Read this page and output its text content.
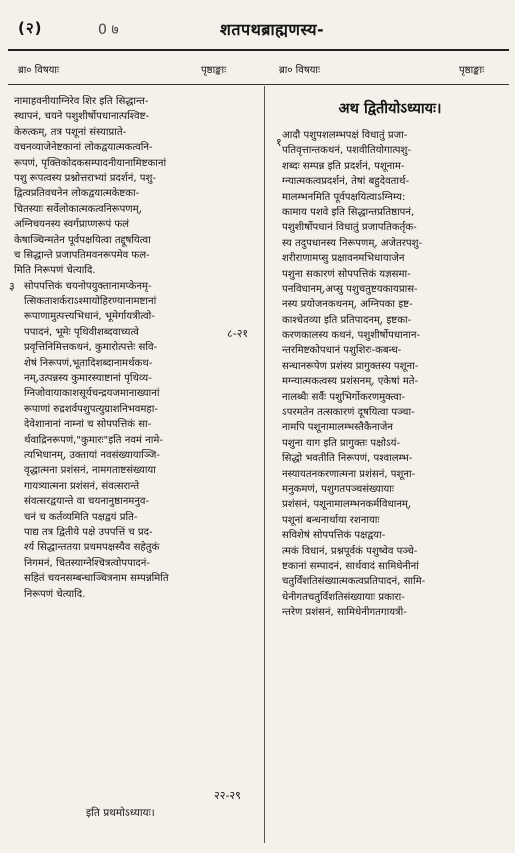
(२)	0 ७	शतपथब्राह्मणस्य-
ब्रा० विषयाः	पृष्ठाङ्काः	ब्रा० विषयाः	पृष्ठाङ्काः
नामाहवनीयाग्निरेव शिर इति सिद्धान्त-
स्थापनं, चयने पशुशीर्षोपधानात्पश्विष्ट-
केरुत्कम्, तत्र पशूनां संस्याप्राते-
वचनव्याजेनेष्टकानां लोकद्वयात्मकत्वनि-
रूपणं, पृक्तिकोदकसम्पादनीयानामिष्टकानां
पशु रूपत्वस्य प्रश्नोत्तराभ्यां प्रदर्शनं, पशु-
द्वित्वप्रतिवचनेन लोकद्वयात्मकेष्टका-
चितस्याः सर्वेलोकात्मकत्वनिरूपणम्,
अग्निचयनस्य स्वर्गप्राप्णरूपं फलं
केषाञ्चिन्मतेन पूर्वपक्षयित्वा तद्दूषयित्वा
च सिद्धान्ते प्रजापतिमवनरूपमेव फल-
मिति निरूपणं चेत्यादि.
८-२१
३ सोपपत्तिकं चयनोपयुक्तानामप्केनमृ-
त्सिकताशर्कराऽश्मायोहिरण्यानामष्टानां
रूपाणामुत्पत्त्यभिधानं, भूमेर्गायत्रीत्वो-
पपादनं, भूमेः पृथिवीशब्दवाच्यत्वे
प्रवृत्तिनिमित्तकथनं, कुमारोत्पत्तेः सवि-
शेषं निरूपणं,भूतादिशब्दानामर्थकथ-
नम्,उत्पन्नस्य कुमारस्याष्टानां पृथिव्य-
ग्निजोवायाकाशसूर्यचन्द्रयजमानाख्यानां
रूपाणां रुद्रशर्वपशुपत्युग्राशनिभवमहा-
देवेशानानां नाम्नां च सोपपत्तिकं सा-
र्थवाद्रिनरूपणं,"कुमारः"इति नवमं नामे-
त्यभिधानम्, उक्तायां नवसंख्यायाञ्जि-
वृद्धात्मना प्रशंसनं, नामगताष्टसंख्याया
गायत्र्यात्मना प्रशंसनं, संवत्सरान्ते
संवत्सरद्वयान्ते वा चयनानुष्ठानमनुव-
चनं च कर्तव्यमिति पक्षद्वयं प्रति-
पाद्य तत्र द्वितीये पक्षे उपपत्तिं च प्रद-
र्श्य सिद्धान्ततया प्रथमपक्षस्यैव सहेतुकं
निगमनं, चितस्याग्नेश्चित्रत्वोपपादनं-
सहितं चयनसम्बन्धाञ्चित्रनाम सम्पन्नमिति
निरूपणं चेत्यादि.
२२-२९
इति प्रथमोऽध्यायः।
अथ द्वितीयोऽध्यायः।
१
आदौ पशुपशलम्भपक्षं विधातुं प्रजा-
पतिवृत्तान्तकथनं, पशवीतियोगात्पशु-
शब्दः सम्पन्न इति प्रदर्शनं, पशूनाम-
ग्न्यात्मकत्वप्रदर्शनं, तेषां बहुदेवतार्थ-
मालम्भनमिति पूर्वपक्षयित्वाऽग्निम्य:
कामाय पशवे इति सिद्धान्तप्रतिष्ठापनं,
पशुशीर्षोपधानं विधातुं प्रजापतिकर्तृक-
स्य तदुपधानस्य निरूपणम्, अजेतरपशु-
शरीराणामप्सु प्रक्षावनमभिधायाजेन
पशुना सकारणं सोपपत्तिकं यज्ञसमा-
पनविधानम्,अप्सु पशुचतुष्टयकायप्रास-
नस्य प्रयोजनकथनम्, अग्निपका इष्ट-
काश्चेतव्या इति प्रतिपादनम्, इष्टका-
करणकालस्य कथनं, पशुशीर्षोपधानान-
न्तरमिष्टकोपधानं पशुशिरः-कबन्ध-
सन्धानरूपेण प्रशंस्य प्रागुक्तस्य पशूना-
मग्न्यात्मकत्वस्य प्रशंसनम्, एकेषां मते-
नालब्धैः सर्वैः पशुभिर्गोकरणमुक्त्वा-
ऽपरमतेन तत्सकारणं दूषयित्वा पञ्चा-
नामपि पशूनामालम्भस्तैकैनाजेन
पशुना याग इति प्रागुक्तः पक्षोऽयं-
सिद्धो भवतीति निरूपणं, पश्वालम्भ-
नस्यायतनकरणात्मना प्रशंसनं, पशूना-
मनुकमणं, पशुगतपञ्चसंख्यायाः
प्रशंसनं, पशूनामालम्भनकर्मविधानम्,
पशूनां बन्धनार्थाया रशनायाः
सविशेषं सोपपत्तिकं पक्षद्वया-
त्मकं विधानं, प्रश्नपूर्वकं पशुष्वेव पञ्चे-
ष्टकानां सम्पादनं, सार्थवादं सामिधेनीनां
चतुर्विंशतिसंख्यात्मकत्वप्रतिपादनं, सामि-
धेनीगतचतुर्विंशतिसंख्यायाः प्रकारा-
न्तरेण प्रशंसनं, सामिधेनीगतगायत्री-
